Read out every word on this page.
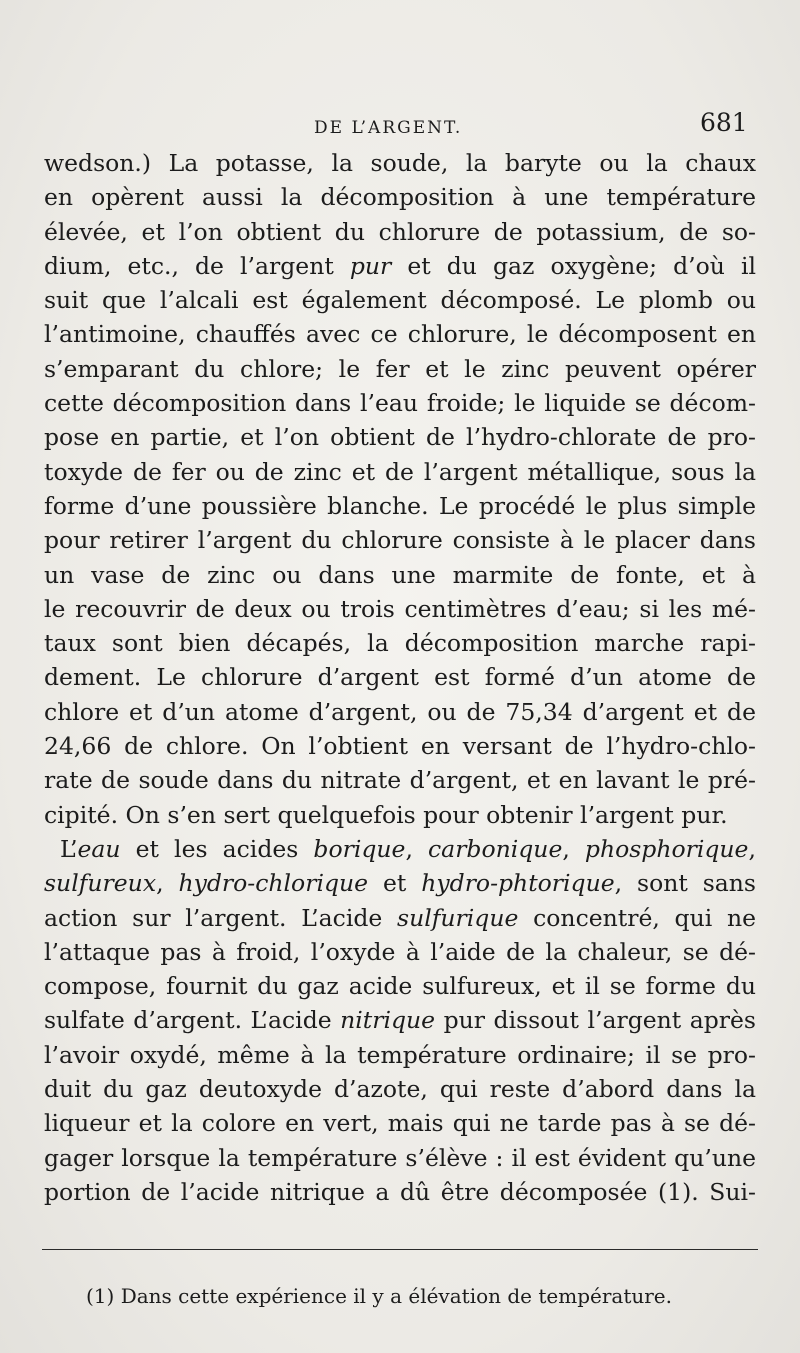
DE L’ARGENT.	681
wedson.) La potasse, la soude, la baryte ou la chaux
en opèrent aussi la décomposition à une température
élevée, et l’on obtient du chlorure de potassium, de so-
dium, etc., de l’argent pur et du gaz oxygène; d’où il
suit que l’alcali est également décomposé. Le plomb ou
l’antimoine, chauffés avec ce chlorure, le décomposent en
s’emparant du chlore; le fer et le zinc peuvent opérer
cette décomposition dans l’eau froide; le liquide se décom-
pose en partie, et l’on obtient de l’hydro-chlorate de pro-
toxyde de fer ou de zinc et de l’argent métallique, sous la
forme d’une poussière blanche. Le procédé le plus simple
pour retirer l’argent du chlorure consiste à le placer dans
un vase de zinc ou dans une marmite de fonte, et à
le recouvrir de deux ou trois centimètres d’eau; si les mé-
taux sont bien décapés, la décomposition marche rapi-
dement. Le chlorure d’argent est formé d’un atome de
chlore et d’un atome d’argent, ou de 75,34 d’argent et de
24,66 de chlore. On l’obtient en versant de l’hydro-chlo-
rate de soude dans du nitrate d’argent, et en lavant le pré-
cipité. On s’en sert quelquefois pour obtenir l’argent pur.
L’eau et les acides borique, carbonique, phosphorique,
sulfureux, hydro-chlorique et hydro-phtorique, sont sans
action sur l’argent. L’acide sulfurique concentré, qui ne
l’attaque pas à froid, l’oxyde à l’aide de la chaleur, se dé-
compose, fournit du gaz acide sulfureux, et il se forme du
sulfate d’argent. L’acide nitrique pur dissout l’argent après
l’avoir oxydé, même à la température ordinaire; il se pro-
duit du gaz deutoxyde d’azote, qui reste d’abord dans la
liqueur et la colore en vert, mais qui ne tarde pas à se dé-
gager lorsque la température s’élève : il est évident qu’une
portion de l’acide nitrique a dû être décomposée (1). Sui-
(1) Dans cette expérience il y a élévation de température.
